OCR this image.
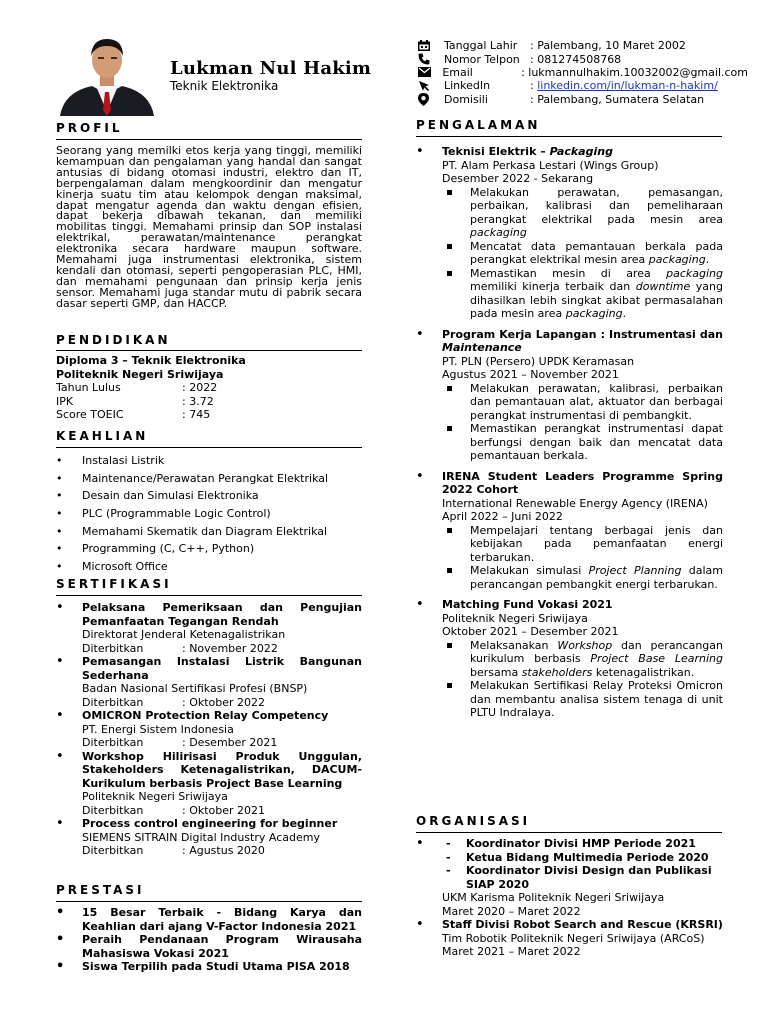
Lukman Nul Hakim
Teknik Elektronika
Tanggal Lahir	: Palembang, 10 Maret 2002
Nomor Telpon : 081274508768
Email	: lukmannulhakim.10032002@gmail.com
LinkedIn	: linkedin.com/in/lukman-n-hakim/
Domisili	: Palembang, Sumatera Selatan
PROFIL
Seorang yang memilki etos kerja yang tinggi, memiliki kemampuan dan pengalaman yang handal dan sangat antusias di bidang otomasi industri, elektro dan IT, berpengalaman dalam mengkoordinir dan mengatur kinerja suatu tim atau kelompok dengan maksimal, dapat mengatur agenda dan waktu dengan efisien, dapat bekerja dibawah tekanan, dan memiliki mobilitas tinggi. Memahami prinsip dan SOP instalasi elektrikal, perawatan/maintenance perangkat elektronika secara hardware maupun software. Memahami juga instrumentasi elektronika, sistem kendali dan otomasi, seperti pengoperasian PLC, HMI, dan memahami pengunaan dan prinsip kerja jenis sensor. Memahami juga standar mutu di pabrik secara dasar seperti GMP, dan HACCP.
PENDIDIKAN
Diploma 3 – Teknik Elektronika
Politeknik Negeri Sriwijaya
Tahun Lulus	: 2022
IPK	: 3.72
Score TOEIC	: 745
KEAHLIAN
• Instalasi Listrik
• Maintenance/Perawatan Perangkat Elektrikal
• Desain dan Simulasi Elektronika
• PLC (Programmable Logic Control)
• Memahami Skematik dan Diagram Elektrikal
• Programming (C, C++, Python)
• Microsoft Office
SERTIFIKASI
• Pelaksana Pemeriksaan dan Pengujian Pemanfaatan Tegangan Rendah
Direktorat Jenderal Ketenagalistrikan
Diterbitkan	: November 2022
• Pemasangan Instalasi Listrik Bangunan Sederhana
Badan Nasional Sertifikasi Profesi (BNSP)
Diterbitkan	: Oktober 2022
• OMICRON Protection Relay Competency
PT. Energi Sistem Indonesia
Diterbitkan	: Desember 2021
• Workshop Hilirisasi Produk Unggulan, Stakeholders Ketenagalistrikan, DACUM-Kurikulum berbasis Project Base Learning
Politeknik Negeri Sriwijaya
Diterbitkan	: Oktober 2021
• Process control engineering for beginner
SIEMENS SITRAIN Digital Industry Academy
Diterbitkan	: Agustus 2020
PRESTASI
• 15 Besar Terbaik - Bidang Karya dan Keahlian dari ajang V-Factor Indonesia 2021
• Peraih Pendanaan Program Wirausaha Mahasiswa Vokasi 2021
• Siswa Terpilih pada Studi Utama PISA 2018
PENGALAMAN
• Teknisi Elektrik – Packaging
PT. Alam Perkasa Lestari (Wings Group)
Desember 2022 - Sekarang
Melakukan perawatan, pemasangan, perbaikan, kalibrasi dan pemeliharaan perangkat elektrikal pada mesin area packaging
Mencatat data pemantauan berkala pada perangkat elektrikal mesin area packaging.
Memastikan mesin di area packaging memiliki kinerja terbaik dan downtime yang dihasilkan lebih singkat akibat permasalahan pada mesin area packaging.
• Program Kerja Lapangan : Instrumentasi dan Maintenance
PT. PLN (Persero) UPDK Keramasan
Agustus 2021 – November 2021
Melakukan perawatan, kalibrasi, perbaikan dan pemantauan alat, aktuator dan berbagai perangkat instrumentasi di pembangkit.
Memastikan perangkat instrumentasi dapat berfungsi dengan baik dan mencatat data pemantauan berkala.
• IRENA Student Leaders Programme Spring 2022 Cohort
International Renewable Energy Agency (IRENA)
April 2022 – Juni 2022
Mempelajari tentang berbagai jenis dan kebijakan pada pemanfaatan energi terbarukan.
Melakukan simulasi Project Planning dalam perancangan pembangkit energi terbarukan.
• Matching Fund Vokasi 2021
Politeknik Negeri Sriwijaya
Oktober 2021 – Desember 2021
Melaksanakan Workshop dan perancangan kurikulum berbasis Project Base Learning bersama stakeholders ketenagalistrikan.
Melakukan Sertifikasi Relay Proteksi Omicron dan membantu analisa sistem tenaga di unit PLTU Indralaya.
ORGANISASI
- • Koordinator Divisi HMP Periode 2021
- Ketua Bidang Multimedia Periode 2020
- Koordinator Divisi Design dan Publikasi SIAP 2020
UKM Karisma Politeknik Negeri Sriwijaya
Maret 2020 – Maret 2022
• Staff Divisi Robot Search and Rescue (KRSRI)
Tim Robotik Politeknik Negeri Sriwijaya (ARCoS)
Maret 2021 – Maret 2022
